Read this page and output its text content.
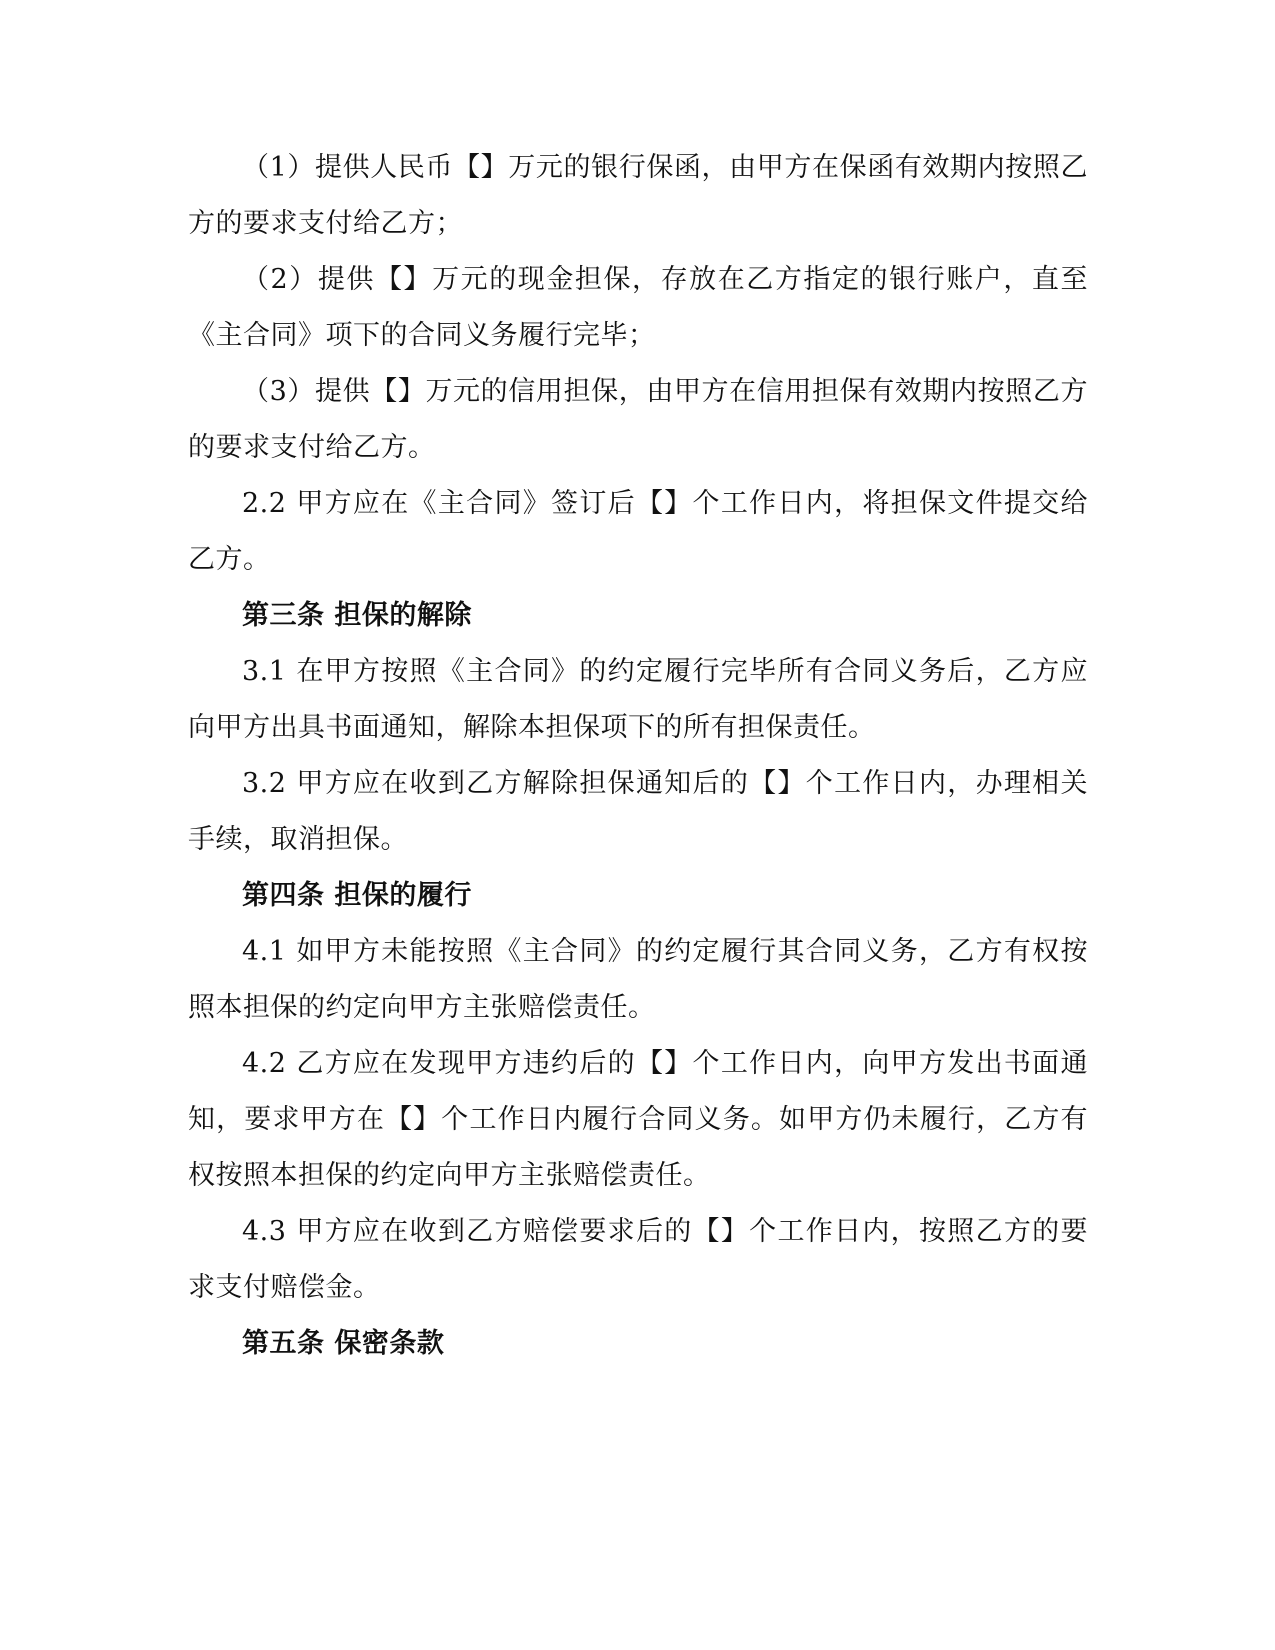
（1）提供人民币【】万元的银行保函，由甲方在保函有效期内按照乙方的要求支付给乙方；

（2）提供【】万元的现金担保，存放在乙方指定的银行账户，直至《主合同》项下的合同义务履行完毕；

（3）提供【】万元的信用担保，由甲方在信用担保有效期内按照乙方的要求支付给乙方。

2.2 甲方应在《主合同》签订后【】个工作日内，将担保文件提交给乙方。

第三条 担保的解除

3.1 在甲方按照《主合同》的约定履行完毕所有合同义务后，乙方应向甲方出具书面通知，解除本担保项下的所有担保责任。

3.2 甲方应在收到乙方解除担保通知后的【】个工作日内，办理相关手续，取消担保。

第四条 担保的履行

4.1 如甲方未能按照《主合同》的约定履行其合同义务，乙方有权按照本担保的约定向甲方主张赔偿责任。

4.2 乙方应在发现甲方违约后的【】个工作日内，向甲方发出书面通知，要求甲方在【】个工作日内履行合同义务。如甲方仍未履行，乙方有权按照本担保的约定向甲方主张赔偿责任。

4.3 甲方应在收到乙方赔偿要求后的【】个工作日内，按照乙方的要求支付赔偿金。

第五条 保密条款
